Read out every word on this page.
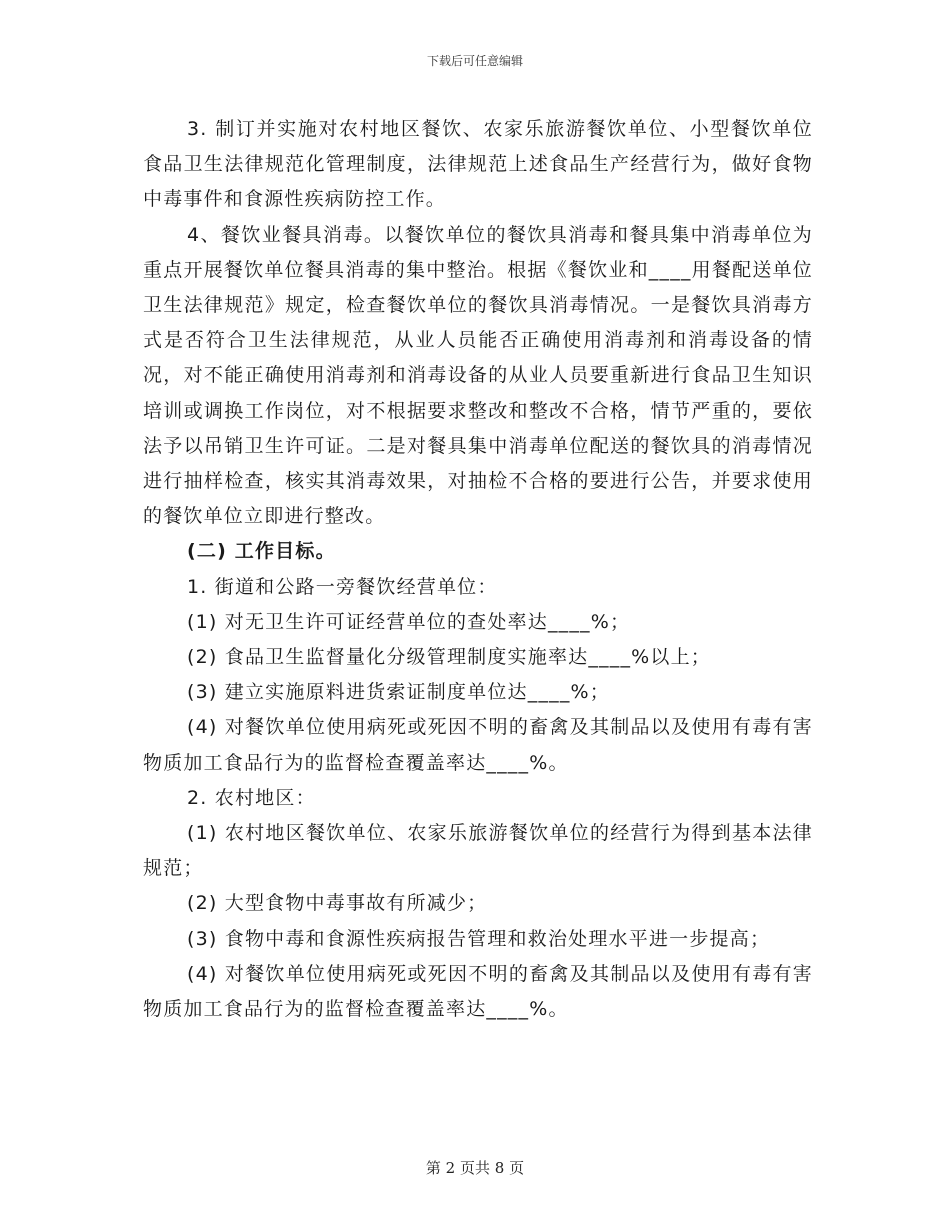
下载后可任意编辑

3. 制订并实施对农村地区餐饮、农家乐旅游餐饮单位、小型餐饮单位食品卫生法律规范化管理制度，法律规范上述食品生产经营行为，做好食物中毒事件和食源性疾病防控工作。

4、餐饮业餐具消毒。以餐饮单位的餐饮具消毒和餐具集中消毒单位为重点开展餐饮单位餐具消毒的集中整治。根据《餐饮业和____用餐配送单位卫生法律规范》规定，检查餐饮单位的餐饮具消毒情况。一是餐饮具消毒方式是否符合卫生法律规范，从业人员能否正确使用消毒剂和消毒设备的情况，对不能正确使用消毒剂和消毒设备的从业人员要重新进行食品卫生知识培训或调换工作岗位，对不根据要求整改和整改不合格，情节严重的，要依法予以吊销卫生许可证。二是对餐具集中消毒单位配送的餐饮具的消毒情况进行抽样检查，核实其消毒效果，对抽检不合格的要进行公告，并要求使用的餐饮单位立即进行整改。

(二) 工作目标。

1. 街道和公路一旁餐饮经营单位：

(1) 对无卫生许可证经营单位的查处率达____%；

(2) 食品卫生监督量化分级管理制度实施率达____%以上；

(3) 建立实施原料进货索证制度单位达____%；

(4) 对餐饮单位使用病死或死因不明的畜禽及其制品以及使用有毒有害物质加工食品行为的监督检查覆盖率达____%。

2. 农村地区：

(1) 农村地区餐饮单位、农家乐旅游餐饮单位的经营行为得到基本法律规范；

(2) 大型食物中毒事故有所减少；

(3) 食物中毒和食源性疾病报告管理和救治处理水平进一步提高；

(4) 对餐饮单位使用病死或死因不明的畜禽及其制品以及使用有毒有害物质加工食品行为的监督检查覆盖率达____%。

第 2 页共 8 页
